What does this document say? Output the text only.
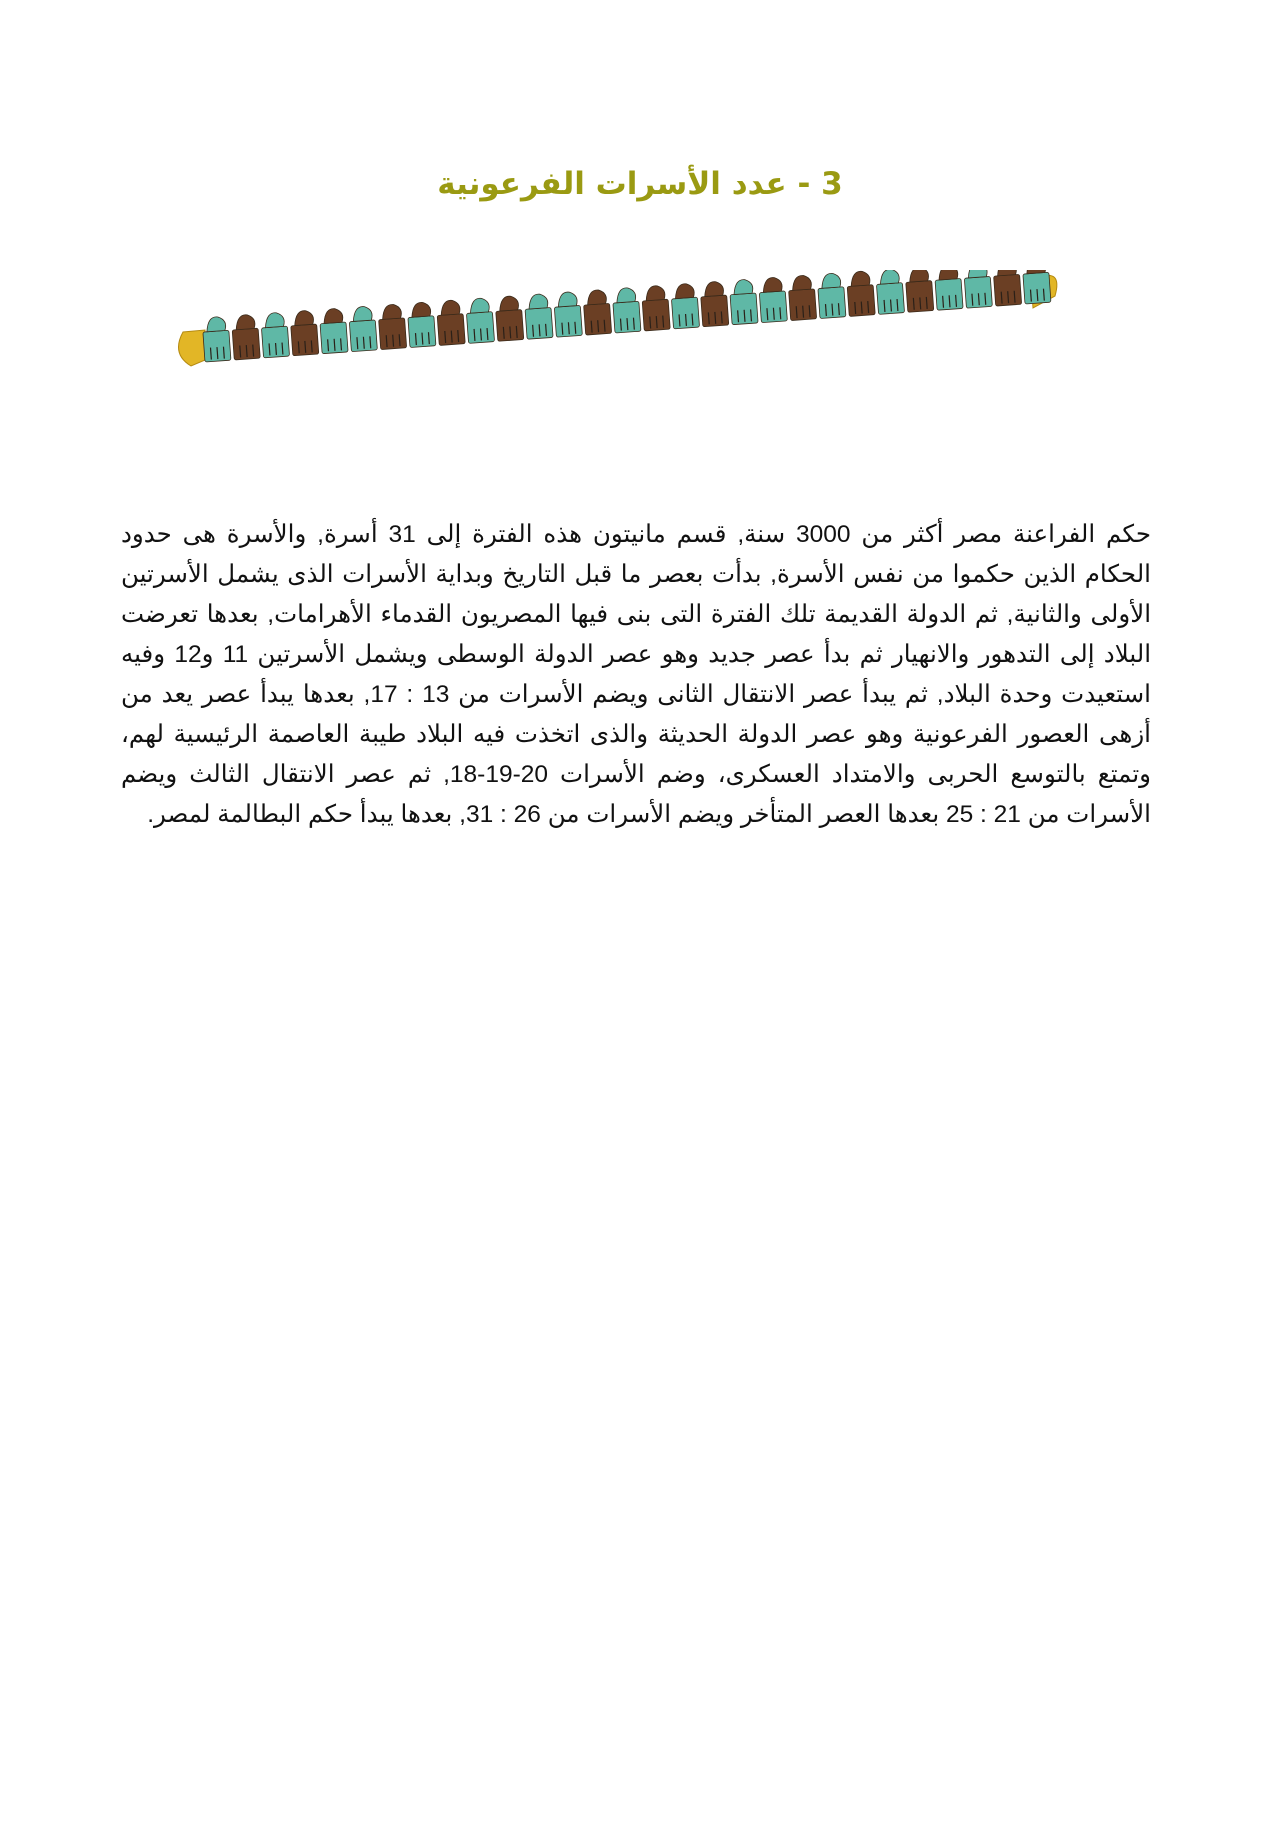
3 - عدد الأسرات الفرعونية

حكم الفراعنة مصر أكثر من 3000 سنة, قسم مانيتون هذه الفترة إلى 31 أسرة, والأسرة هى حدود الحكام الذين حكموا من نفس الأسرة, بدأت بعصر ما قبل التاريخ وبداية الأسرات الذى يشمل الأسرتين الأولى والثانية, ثم الدولة القديمة تلك الفترة التى بنى فيها المصريون القدماء الأهرامات, بعدها تعرضت البلاد إلى التدهور والانهيار ثم بدأ عصر جديد وهو عصر الدولة الوسطى ويشمل الأسرتين 11 و12 وفيه استعيدت وحدة البلاد, ثم يبدأ عصر الانتقال الثانى ويضم الأسرات من 13 : 17, بعدها يبدأ عصر يعد من أزهى العصور الفرعونية وهو عصر الدولة الحديثة والذى اتخذت فيه البلاد طيبة العاصمة الرئيسية لهم، وتمتع بالتوسع الحربى والامتداد العسكرى، وضم الأسرات 20-19-18, ثم عصر الانتقال الثالث ويضم الأسرات من 21 : 25 بعدها العصر المتأخر ويضم الأسرات من 26 : 31, بعدها يبدأ حكم البطالمة لمصر.
